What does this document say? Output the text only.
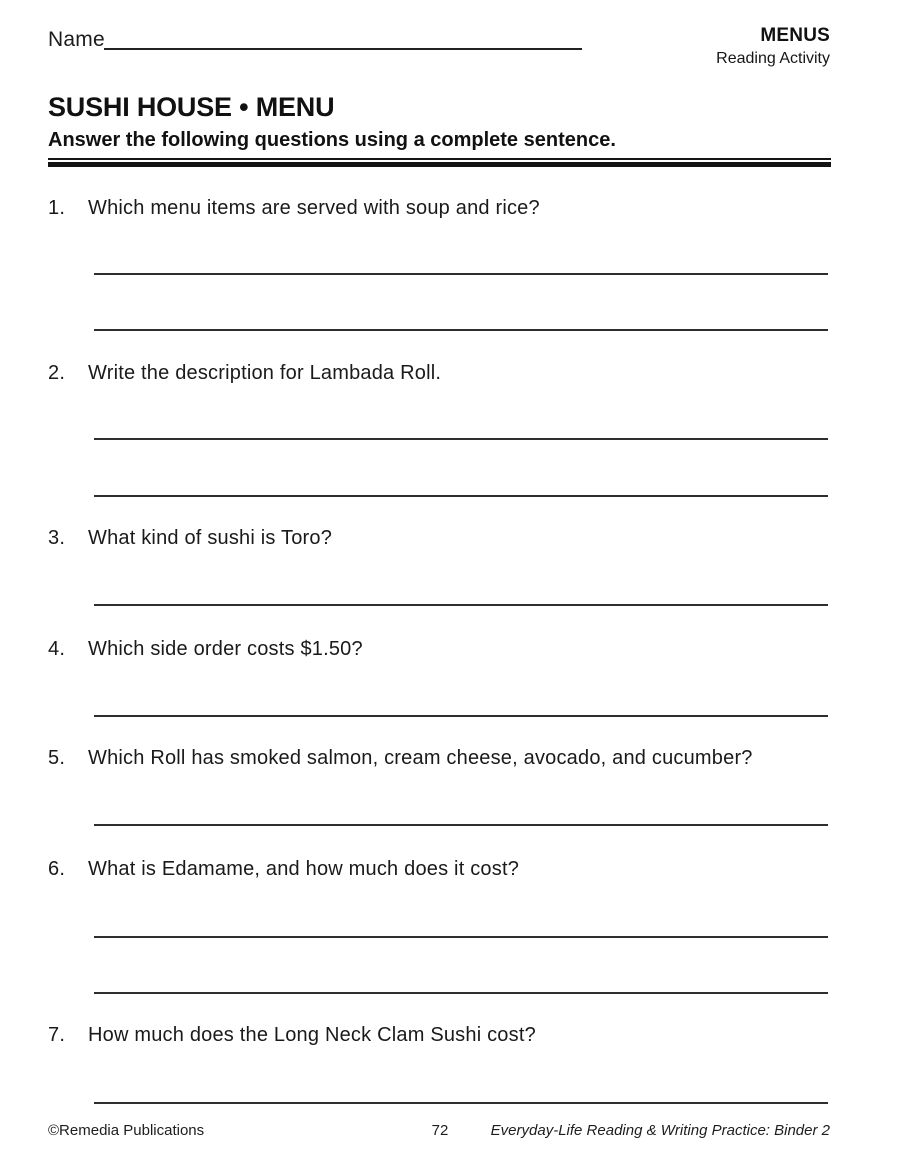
Name	MENUS
Reading Activity
SUSHI HOUSE • MENU
Answer the following questions using a complete sentence.
1. Which menu items are served with soup and rice?
2. Write the description for Lambada Roll.
3. What kind of sushi is Toro?
4. Which side order costs $1.50?
5. Which Roll has smoked salmon, cream cheese, avocado, and cucumber?
6. What is Edamame, and how much does it cost?
7. How much does the Long Neck Clam Sushi cost?
©Remedia Publications	72	Everyday-Life Reading & Writing Practice: Binder 2
